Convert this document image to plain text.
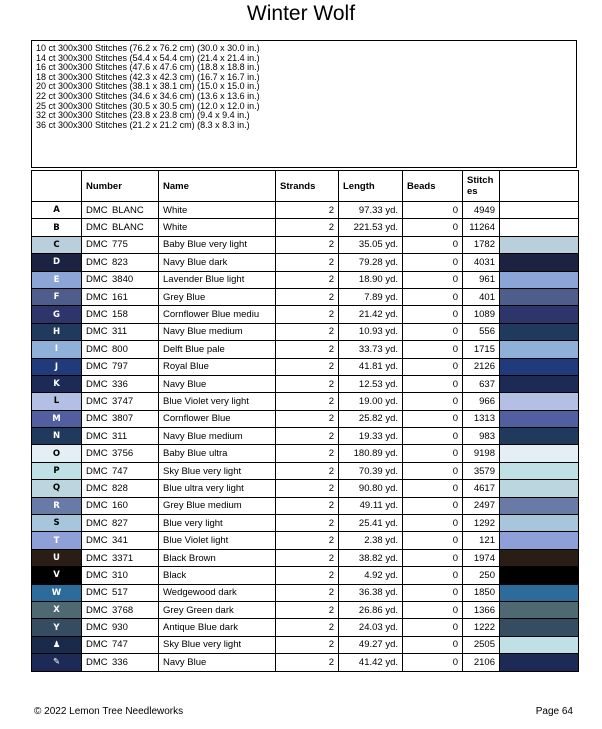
Winter Wolf
10 ct 300x300 Stitches (76.2 x 76.2 cm) (30.0 x 30.0 in.)
14 ct 300x300 Stitches (54.4 x 54.4 cm) (21.4 x 21.4 in.)
16 ct 300x300 Stitches (47.6 x 47.6 cm) (18.8 x 18.8 in.)
18 ct 300x300 Stitches (42.3 x 42.3 cm) (16.7 x 16.7 in.)
20 ct 300x300 Stitches (38.1 x 38.1 cm) (15.0 x 15.0 in.)
22 ct 300x300 Stitches (34.6 x 34.6 cm) (13.6 x 13.6 in.)
25 ct 300x300 Stitches (30.5 x 30.5 cm) (12.0 x 12.0 in.)
32 ct 300x300 Stitches (23.8 x 23.8 cm) (9.4 x 9.4 in.)
36 ct 300x300 Stitches (21.2 x 21.2 cm) (8.3 x 8.3 in.)
	Number	Name	Strands	Length	Beads	Stitch es	
A	DMC BLANC	White	2	97.33 yd.	0	4949	
B	DMC BLANC	White	2	221.53 yd.	0	11264	
C	DMC 775	Baby Blue very light	2	35.05 yd.	0	1782	
D	DMC 823	Navy Blue dark	2	79.28 yd.	0	4031	
E	DMC 3840	Lavender Blue light	2	18.90 yd.	0	961	
F	DMC 161	Grey Blue	2	7.89 yd.	0	401	
G	DMC 158	Cornflower Blue mediu	2	21.42 yd.	0	1089	
H	DMC 311	Navy Blue medium	2	10.93 yd.	0	556	
I	DMC 800	Delft Blue pale	2	33.73 yd.	0	1715	
J	DMC 797	Royal Blue	2	41.81 yd.	0	2126	
K	DMC 336	Navy Blue	2	12.53 yd.	0	637	
L	DMC 3747	Blue Violet very light	2	19.00 yd.	0	966	
M	DMC 3807	Cornflower Blue	2	25.82 yd.	0	1313	
N	DMC 311	Navy Blue medium	2	19.33 yd.	0	983	
O	DMC 3756	Baby Blue ultra	2	180.89 yd.	0	9198	
P	DMC 747	Sky Blue very light	2	70.39 yd.	0	3579	
Q	DMC 828	Blue ultra very light	2	90.80 yd.	0	4617	
R	DMC 160	Grey Blue medium	2	49.11 yd.	0	2497	
S	DMC 827	Blue very light	2	25.41 yd.	0	1292	
T	DMC 341	Blue Violet light	2	2.38 yd.	0	121	
U	DMC 3371	Black Brown	2	38.82 yd.	0	1974	
V	DMC 310	Black	2	4.92 yd.	0	250	
W	DMC 517	Wedgewood dark	2	36.38 yd.	0	1850	
X	DMC 3768	Grey Green dark	2	26.86 yd.	0	1366	
Y	DMC 930	Antique Blue dark	2	24.03 yd.	0	1222	
♟	DMC 747	Sky Blue very light	2	49.27 yd.	0	2505	
✎	DMC 336	Navy Blue	2	41.42 yd.	0	2106	
© 2022 Lemon Tree Needleworks	Page 64
